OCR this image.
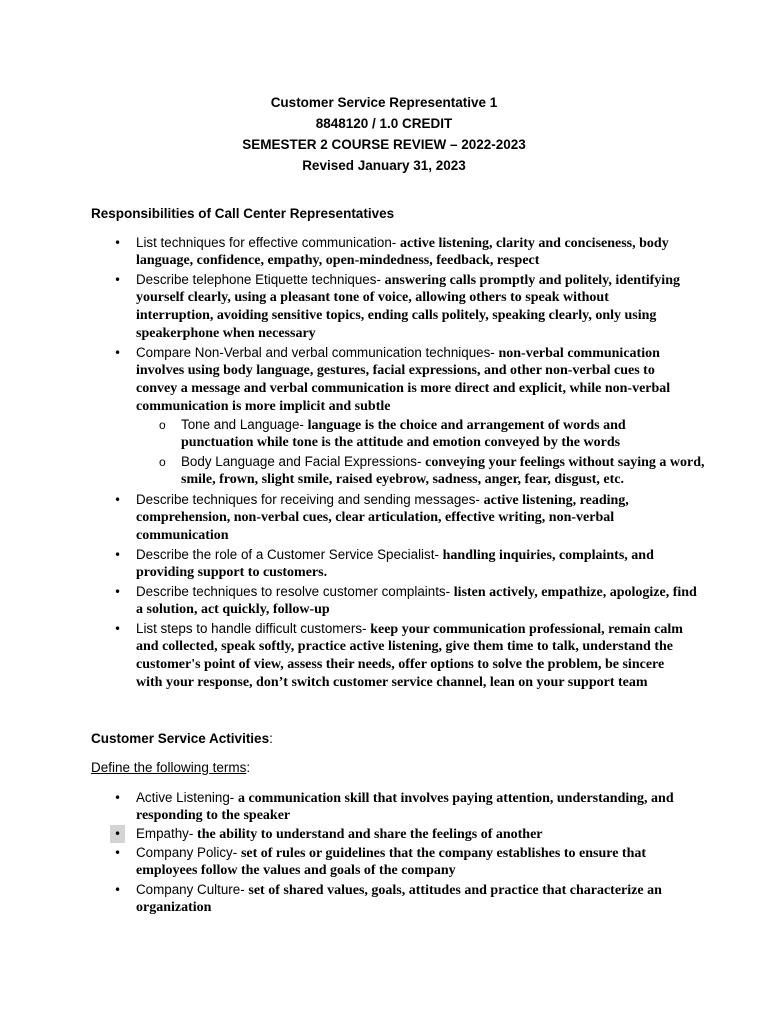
Customer Service Representative 1
8848120 / 1.0 CREDIT
SEMESTER 2 COURSE REVIEW – 2022-2023
Revised January 31, 2023
Responsibilities of Call Center Representatives
• List techniques for effective communication- active listening, clarity and conciseness, body
language, confidence, empathy, open-mindedness, feedback, respect
• Describe telephone Etiquette techniques- answering calls promptly and politely, identifying
yourself clearly, using a pleasant tone of voice, allowing others to speak without
interruption, avoiding sensitive topics, ending calls politely, speaking clearly, only using
speakerphone when necessary
• Compare Non-Verbal and verbal communication techniques- non-verbal communication
involves using body language, gestures, facial expressions, and other non-verbal cues to
convey a message and verbal communication is more direct and explicit, while non-verbal
communication is more implicit and subtle
o Tone and Language- language is the choice and arrangement of words and
punctuation while tone is the attitude and emotion conveyed by the words
o Body Language and Facial Expressions- conveying your feelings without saying a word,
smile, frown, slight smile, raised eyebrow, sadness, anger, fear, disgust, etc.
• Describe techniques for receiving and sending messages- active listening, reading,
comprehension, non-verbal cues, clear articulation, effective writing, non-verbal
communication
• Describe the role of a Customer Service Specialist- handling inquiries, complaints, and
providing support to customers.
• Describe techniques to resolve customer complaints- listen actively, empathize, apologize, find
a solution, act quickly, follow-up
• List steps to handle difficult customers- keep your communication professional, remain calm
and collected, speak softly, practice active listening, give them time to talk, understand the
customer's point of view, assess their needs, offer options to solve the problem, be sincere
with your response, don’t switch customer service channel, lean on your support team
Customer Service Activities:
Define the following terms:
• Active Listening- a communication skill that involves paying attention, understanding, and
responding to the speaker
• Empathy- the ability to understand and share the feelings of another
• Company Policy- set of rules or guidelines that the company establishes to ensure that
employees follow the values and goals of the company
• Company Culture- set of shared values, goals, attitudes and practice that characterize an
organization
